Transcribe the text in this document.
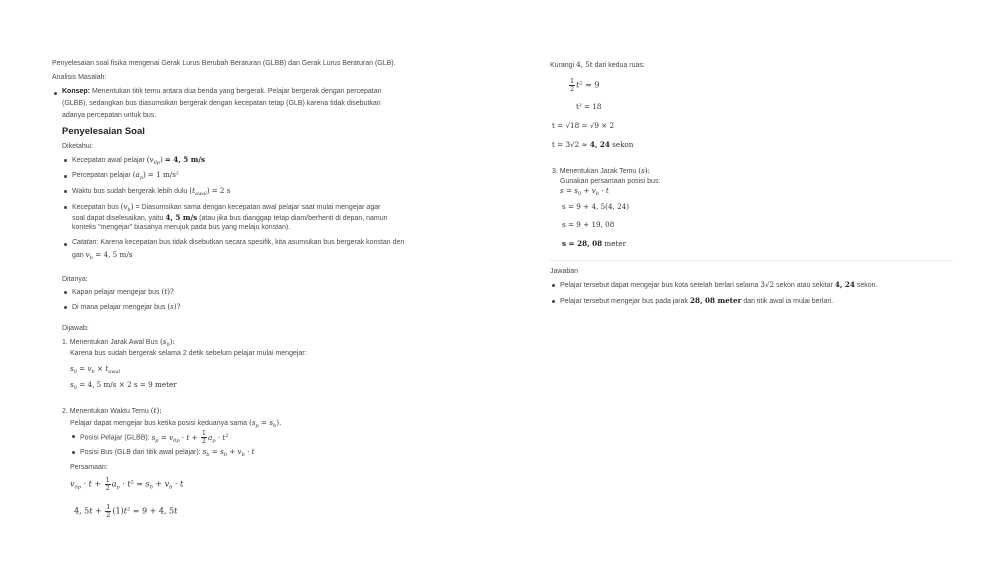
Penyelesaian soal fisika mengenai Gerak Lurus Berubah Beraturan (GLBB) dan Gerak Lurus Beraturan (GLB).
Analisis Masalah:
Konsep: Menentukan titik temu antara dua benda yang bergerak. Pelajar bergerak dengan percepatan
(GLBB), sedangkan bus diasumsikan bergerak dengan kecepatan tetap (GLB) karena tidak disebutkan
adanya percepatan untuk bus.
Penyelesaian Soal
Diketahui:
Kecepatan awal pelajar $(v_{0p}) = 4$, 5 m/s
Percepatan pelajar $(a_p) = 1$ m/s²
Waktu bus sudah bergerak lebih dulu $(t_{awal}) = 2$ s
Kecepatan bus $(v_b)$ = Diasumsikan sama dengan kecepatan awal pelajar saat mulai mengejar agar
soal dapat diselesaikan, yaitu 4, 5 m/s (atau jika bus dianggap tetap diam/berhenti di depan, namun
konteks "mengejar" biasanya merujuk pada bus yang melaju konstan).
Catatan: Karena kecepatan bus tidak disebutkan secara spesifik, kita asumsikan bus bergerak konstan den
gan $v_b = 4$, 5 m/s
Ditanya:
Kapan pelajar mengejar bus (t)?
Di mana pelajar mengejar bus (s)?
Dijawab:
1. Menentukan Jarak Awal Bus $(s_0)$:
Karena bus sudah bergerak selama 2 detik sebelum pelajar mulai mengejar:
$s_0 = v_b \times t_{awal}$
$s_0 = 4$, 5 m/s × 2 s = 9 meter
2. Menentukan Waktu Temu (t):
Pelajar dapat mengejar bus ketika posisi keduanya sama $(s_p = s_b)$.
Posisi Pelajar (GLBB): $s_p = v_{0p} \cdot t + \frac{1}{2} a_p \cdot t^2$
Posisi Bus (GLB dari titik awal pelajar): $s_b = s_0 + v_b \cdot t$
Persamaan:
$v_{0p} \cdot t + \frac{1}{2} a_p \cdot t^2 = s_0 + v_b \cdot t$
4, $5t + \frac{1}{2} (1)t^2 = 9 + 4$, 5t
Kurangi 4, 5t dari kedua ruas:
$\frac{1}{2} t^2 = 9$
t² = 18
t = √18 = √9 × 2
t = 3√2 ≈ 4, 24 sekon
3. Menentukan Jarak Temu (s):
Gunakan persamaan posisi bus:
$s = s_0 + v_b \cdot t$
s = 9 + 4, 5(4, 24)
s = 9 + 19, 08
s = 28, 08 meter
Jawaban
Pelajar tersebut dapat mengejar bus kota setelah berlari selama 3√2 sekon atau sekitar 4, 24 sekon.
Pelajar tersebut mengejar bus pada jarak 28, 08 meter dari titik awal ia mulai berlari.
